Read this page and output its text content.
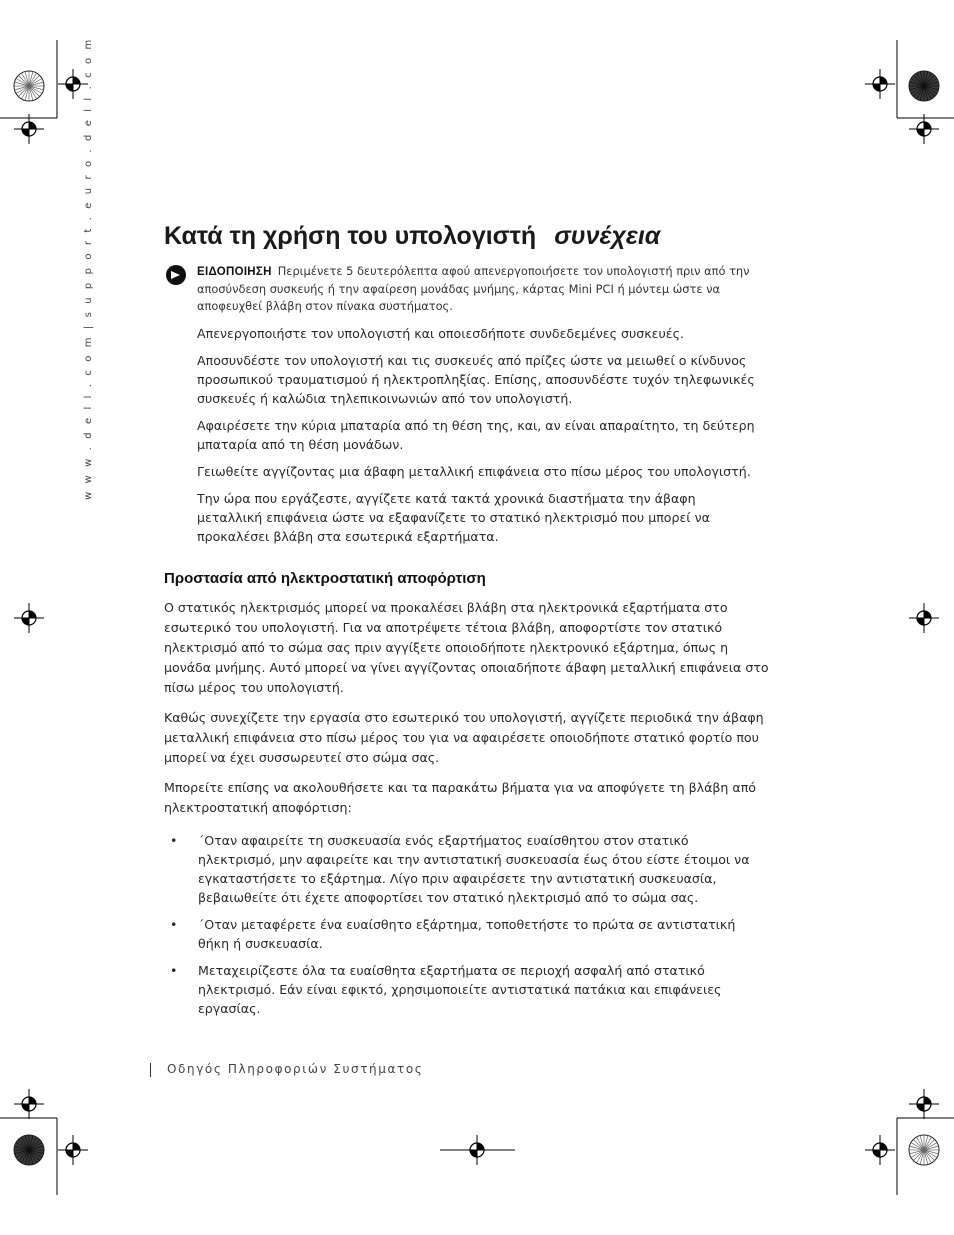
w w w . d e l l . c o m | s u p p o r t . e u r o . d e l l . c o m	Κατά τη χρήση του υπολογιστή συνέχεια

ΕΙΔΟΠΟΙΗΣΗ Περιμένετε 5 δευτερόλεπτα αφού απενεργοποιήσετε τον υπολογιστή πριν από την αποσύνδεση συσκευής ή την αφαίρεση μονάδας μνήμης, κάρτας Mini PCI ή μόντεμ ώστε να αποφευχθεί βλάβη στον πίνακα συστήματος.

Απενεργοποιήστε τον υπολογιστή και οποιεσδήποτε συνδεδεμένες συσκευές.
Αποσυνδέστε τον υπολογιστή και τις συσκευές από πρίζες ώστε να μειωθεί ο κίνδυνος προσωπικού τραυματισμού ή ηλεκτροπληξίας. Επίσης, αποσυνδέστε τυχόν τηλεφωνικές συσκευές ή καλώδια τηλεπικοινωνιών από τον υπολογιστή.
Αφαιρέσετε την κύρια μπαταρία από τη θέση της, και, αν είναι απαραίτητο, τη δεύτερη μπαταρία από τη θέση μονάδων.
Γειωθείτε αγγίζοντας μια άβαφη μεταλλική επιφάνεια στο πίσω μέρος του υπολογιστή.
Την ώρα που εργάζεστε, αγγίζετε κατά τακτά χρονικά διαστήματα την άβαφη μεταλλική επιφάνεια ώστε να εξαφανίζετε το στατικό ηλεκτρισμό που μπορεί να προκαλέσει βλάβη στα εσωτερικά εξαρτήματα.
Προστασία από ηλεκτροστατική αποφόρτιση

Ο στατικός ηλεκτρισμός μπορεί να προκαλέσει βλάβη στα ηλεκτρονικά εξαρτήματα στο εσωτερικό του υπολογιστή. Για να αποτρέψετε τέτοια βλάβη, αποφορτίστε τον στατικό ηλεκτρισμό από το σώμα σας πριν αγγίξετε οποιοδήποτε ηλεκτρονικό εξάρτημα, όπως η μονάδα μνήμης. Αυτό μπορεί να γίνει αγγίζοντας οποιαδήποτε άβαφη μεταλλική επιφάνεια στο πίσω μέρος του υπολογιστή.

Καθώς συνεχίζετε την εργασία στο εσωτερικό του υπολογιστή, αγγίζετε περιοδικά την άβαφη μεταλλική επιφάνεια στο πίσω μέρος του για να αφαιρέσετε οποιοδήποτε στατικό φορτίο που μπορεί να έχει συσσωρευτεί στο σώμα σας.

Μπορείτε επίσης να ακολουθήσετε και τα παρακάτω βήματα για να αποφύγετε τη βλάβη από ηλεκτροστατική αποφόρτιση:

• ΄Οταν αφαιρείτε τη συσκευασία ενός εξαρτήματος ευαίσθητου στον στατικό ηλεκτρισμό, μην αφαιρείτε και την αντιστατική συσκευασία έως ότου είστε έτοιμοι να εγκαταστήσετε το εξάρτημα. Λίγο πριν αφαιρέσετε την αντιστατική συσκευασία, βεβαιωθείτε ότι έχετε αποφορτίσει τον στατικό ηλεκτρισμό από το σώμα σας.
• ΄Οταν μεταφέρετε ένα ευαίσθητο εξάρτημα, τοποθετήστε το πρώτα σε αντιστατική θήκη ή συσκευασία.
• Μεταχειρίζεστε όλα τα ευαίσθητα εξαρτήματα σε περιοχή ασφαλή από στατικό ηλεκτρισμό. Εάν είναι εφικτό, χρησιμοποιείτε αντιστατικά πατάκια και επιφάνειες εργασίας.
Οδηγός Πληροφοριών Συστήματος
